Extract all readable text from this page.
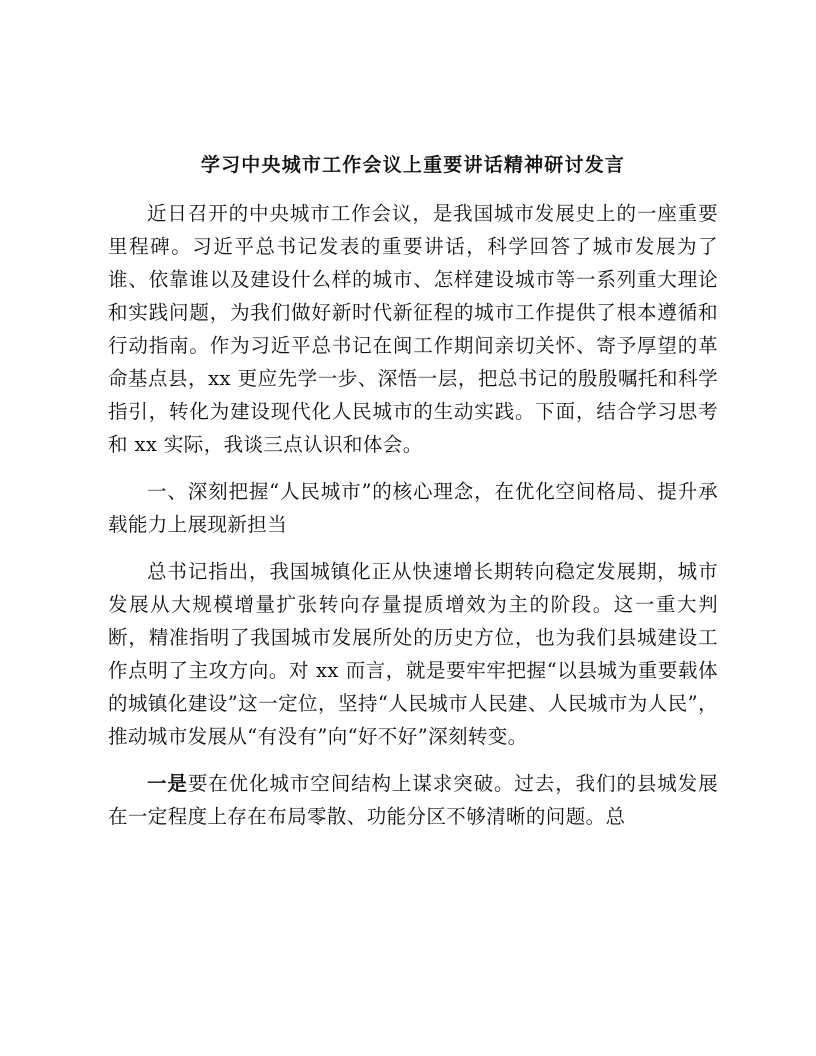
学习中央城市工作会议上重要讲话精神研讨发言

近日召开的中央城市工作会议，是我国城市发展史上的一座重要里程碑。习近平总书记发表的重要讲话，科学回答了城市发展为了谁、依靠谁以及建设什么样的城市、怎样建设城市等一系列重大理论和实践问题，为我们做好新时代新征程的城市工作提供了根本遵循和行动指南。作为习近平总书记在闽工作期间亲切关怀、寄予厚望的革命基点县，xx 更应先学一步、深悟一层，把总书记的殷殷嘱托和科学指引，转化为建设现代化人民城市的生动实践。下面，结合学习思考和 xx 实际，我谈三点认识和体会。

一、深刻把握“人民城市”的核心理念，在优化空间格局、提升承载能力上展现新担当

总书记指出，我国城镇化正从快速增长期转向稳定发展期，城市发展从大规模增量扩张转向存量提质增效为主的阶段。这一重大判断，精准指明了我国城市发展所处的历史方位，也为我们县城建设工作点明了主攻方向。对 xx 而言，就是要牢牢把握“以县城为重要载体的城镇化建设”这一定位，坚持“人民城市人民建、人民城市为人民”，推动城市发展从“有没有”向“好不好”深刻转变。

一是要在优化城市空间结构上谋求突破。过去，我们的县城发展在一定程度上存在布局零散、功能分区不够清晰的问题。总
